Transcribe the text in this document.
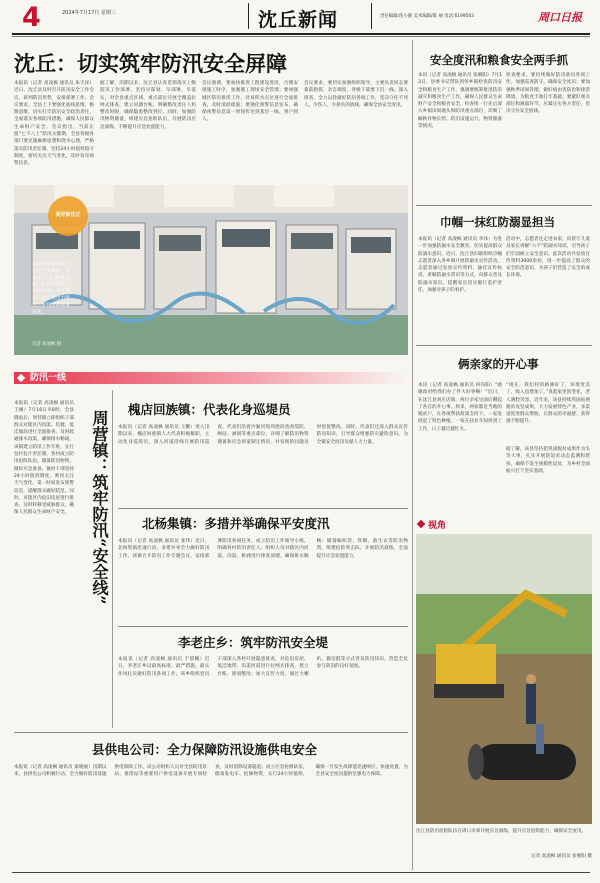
4	2024年7月17日 星期三	沈丘新闻	责任编辑/苗小静 美术编辑/陈 丽 电话:6199503	周口日报
沈丘：切实筑牢防汛安全屏障
本报讯（记者 高凌枫 通讯员 朱天泽）近日，沈丘县及时召开防汛安全工作会议，研判防汛形势，安排部署工作。会议要求，全县上下要强化底线思维、极限思维，切实扛牢防汛安全政治责任，全面落实各项防汛措施，确保人民群众生命财产安全。会议指出，当前正值“七下八上”防汛关键期，全县各级各部门要克服麻痹思想和侥幸心理，严格落实防汛责任制，坚持24小时值班值守制度，密切关注天气变化，及时发布预警信息。
据了解，汛期以来，沈丘县认真贯彻落实上级防汛工作部署，坚持早谋划、早部署、早落实，对全县重点区域、重点部位开展全覆盖拉网式排查，建立问题台账，明确整改责任人和整改时限，确保隐患整改到位。同时，加强防汛物资储备，组建应急抢险队伍，开展防汛应急演练，不断提升应急处置能力。
会议强调，要加快推进工程建设进度，合理安排施工时序，加强施工现场安全管理；要加强城区防汛排涝工作，对易积水点位进行全面排查，及时清淤疏浚；要强化预警信息发布，确保预警信息第一时间传达到基层一线、到户到人。
会议要求，要切实加强组织领导，主要负责同志要靠前指挥、亲自调度，各级干部要下沉一线、深入排查，全力以赴做好防汛各项工作，坚决守住不死人、少伤人、少损失的底线，确保全县安全度汛。
美好新沈丘
沈丘县华鼎科技公司生产车间内，技术工人在操作设备，正在加紧生产订单产品。今年以来，沈丘县全力推进工业经济高质量发展。
记者 高凌枫 摄
安全度汛和粮食安全两手抓
本讯（记者 高凌枫 通讯员 张朝阳）7月13日，县委书记带队到各乡镇检查防汛安全和粮食生产工作，强调要统筹推进防汛减灾和粮食生产工作，确保人民群众生命财产安全和粮食安全。检查组一行先后深入乡镇田间地头和防汛重点部位，详细了解秋作物长势、防汛设施运行、物资储备等情况。
检查要求，要持续做好防汛备汛各项工作，加强巡查防守，确保安全度汛；要加强秋季田间管理，做好病虫害防治和排涝降渍，为粮食丰收打牢基础。要紧盯重点部位和薄弱环节，压紧压实各方责任，坚决守住安全底线。
巾帼一抹红防溺显担当
本报讯（记者 高凌枫 通讯员 李冰）为进一步加强防溺水安全教育，切实提高群众防溺水意识，近日，沈丘县妇联组织巾帼志愿者深入各乡镇开展防溺水宣传活动。志愿者通过发放宣传资料、悬挂宣传标语、讲解防溺水常识等方式，向群众普及防溺水知识，提醒家长切实履行监护责任，加强对孩子的看护。
活动中，志愿者还走进农家，向留守儿童及家长讲解“六不”防溺水知识，引导孩子们牢固树立安全意识。此次活动共发放宣传资料3000余份，进一步提高了群众的安全防范意识，为孩子们营造了安全的成长环境。
俩亲家的开心事
本讯（记者 高凌枫 通讯员 何向阳）“感谢政府给我们办了件大好事啊！”近日，在沈丘县刘庄店镇，两位亲家见面后聊起了各自的开心事。原来，两家都是当地的脱贫户，在各项帮扶政策支持下，一家发展起了特色种植，一家在扶贫车间找到了工作，日子越过越红火。
“现在，我们村的路修好了，环境变美了，收入也增加了。”说起家里的变化，老人满脸笑容。近年来，该县持续巩固拓展脱贫攻坚成果，大力发展特色产业，多渠道促进群众增收，让群众的幸福感、获得感不断提升。
据了解，该县坚持把巩固脱贫成果作为头等大事，扎实开展防返贫动态监测和帮扶，确保不发生规模性返贫，为乡村全面振兴打下坚实基础。
视角
沈丘县防汛抢险队伍在周口市郊开展应急演练，提升应急抢险能力，确保安全度汛。
记者 高凌枫 通讯员 张朝阳 摄
防汛一线
本报讯（记者 高凌枫 通讯员 王刚）7月16日早8时，全县降雨后，周营镇立即组织干部群众对辖区内沟渠、坑塘、低洼地段进行全面排查，及时疏通排水沟渠，确保排水畅通。该镇建立防汛工作专班，实行包村包片责任制，各村成立防汛抢险队伍，储备防汛物资，做好应急准备。镇村干部坚持24小时值班制度，密切关注天气变化，第一时间发布预警信息，提醒群众做好防范。同时，对辖区内危旧房屋进行排查，及时转移受威胁群众，确保人民群众生命财产安全。	周营镇：筑牢防汛“安全线”
槐店回族镇：代表化身巡堤员
本报讯（记者 高凌枫 通讯员 王鹏）进入汛期以来，槐店回族镇人大代表积极履职，主动化身巡堤员，深入河道沿线开展防汛巡查。代表们沿着沙颍河堤坝逐段查看堤防、闸站、涵洞等重点部位，详细了解防汛物资储备和应急预案制定情况，对发现的问题及时督促整改。同时，代表们还深入群众宣传防汛知识，引导群众增强防灾避险意识，为全镇安全度汛贡献人大力量。
北杨集镇：多措并举确保平安度汛
本报讯（记者 高凌枫 通讯员 张伟）近日，北杨集镇迅速行动，多措并举全力做好防汛工作。该镇召开防汛工作专题会议，安排部署防汛各项任务，成立防汛工作领导小组，明确各村防汛责任人；组织人员对辖区内河道、沟渠、桥涵进行排查清理，确保排水顺畅；储备编织袋、铁锹、救生衣等防汛物资，组建抢险突击队，开展防汛演练，全面提升应急处置能力。
李老庄乡：筑牢防汛安全堤
本报讯（记者 高凌枫 通讯员 于晨曦）近日，李老庄乡以最高标准、最严措施、最实作风扎实做好防汛各项工作。该乡组织党员干部深入各村开展隐患排查，对危旧房屋、低洼地带、沟渠河道进行拉网式排查，建立台账，逐项整改；加大宣传力度，通过大喇叭、微信群等方式普及防汛知识，营造全民参与防汛的良好氛围。
县供电公司：全力保障防汛设施供电安全
本报讯（记者 高凌枫 通讯员 秦晓丽）汛期以来，县供电公司积极行动，全力做好防汛设施供电保障工作。该公司组织人员对全县防汛泵站、排涝站等重要用户供电设备开展专项检查，及时消除设备隐患；成立应急抢修队伍，储备发电车、抢修物资，实行24小时值班，确保一旦发生故障能迅速响应、快速处置，为全县安全度汛提供坚强电力保障。
